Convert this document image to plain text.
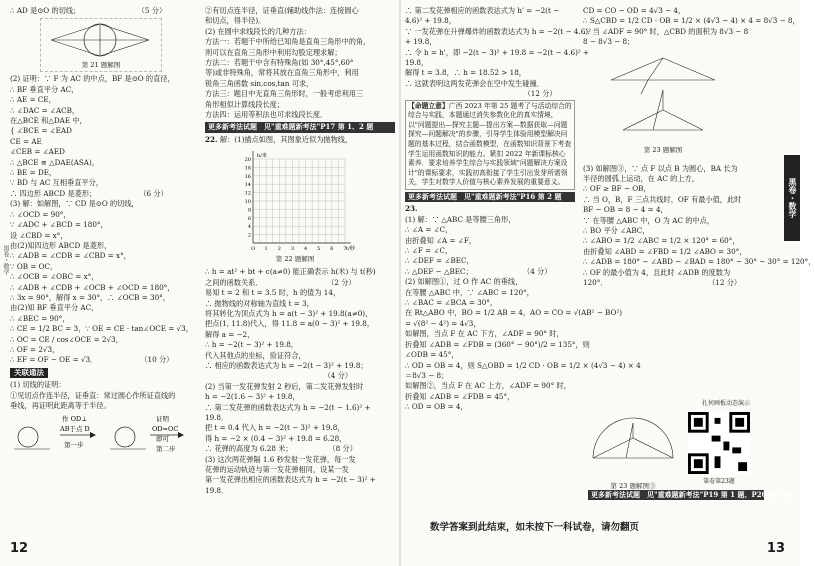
黑卷・数学

∴ AD 是⊙O 的切线；　　　　　　　　　（5 分）

第 21 题解图

(2) 证明：∵ F 为 AC 的中点，BF 是⊙O 的直径，

∴ BF 垂直平分 AC，

∴ AE = CE，

∴ ∠DAC = ∠ACB，

在△BCE 和△DAE 中，

{ ∠BCE = ∠EAD

CE = AE

∠CEB = ∠AED

∴ △BCE ≌ △DAE(ASA)，

∴ BE = DE，

∵ BD 与 AC 互相垂直平分，

∴ 四边形 ABCD 是菱形；　　　　　　　（6 分）

(3) 解：如解图，∵ CD 是⊙O 的切线，

∴ ∠OCD = 90°，

∵ ∠ADC + ∠BCD = 180°，

设 ∠CBD = x°，

由(2)知四边形 ABCD 是菱形，

∴ ∠ADB = ∠CDB = ∠CBD = x°，

∵ OB = OC，

∴ ∠OCB = ∠OBC = x°，

∴ ∠ADB + ∠CDB + ∠OCB + ∠OCD = 180°，

∴ 3x = 90°，解得 x = 30°，∴ ∠OCB = 30°，

由(2)知 BF 垂直平分 AC，

∴ ∠BEC = 90°，

∴ CE = 1/2 BC = 3，∵ OE = CE · tan∠OCE = √3，

∴ OC = CE / cos∠OCE = 2√3，

∴ OF = 2√3，

∴ EF = OF − OE = √3．　　　　　　　（10 分）

关联通法

(1) 切线的证明：

①见切点作连半径，证垂直：常过圆心作所证直线的

垂线，再证明此距离等于半径。

作 OD⊥
AB于点 D
第一步
证明
OD=OC
即可
第二步

②有切点连半径，证垂直(辅助线作法：连接圆心

和切点，得半径)。

(2) 在圆中求线段长的几种方法：

方法一：若题干中所给已知角是直角三角形中的角，

则可以在直角三角形中利用勾股定理求解；

方法二：若题干中含有特殊角(如 30°,45°,60°

等)或非特殊角，常将其放在直角三角形中，利用

锐角三角函数 sin,cos,tan 可求，

方法三：题目中无直角三角形时，一般考虑利用三

角形相似计算线段长度；

方法四：运用等积法也可求线段长度．

更多新考法试题　见"重难题新考法"P17 第 1、2 题

22. 解：(1)描点如图，其图象近似为抛物线，

20
18
16
14
12
10
8
6
4
2
O 1 2 3 4 5 6 7
h/米
t/秒
第 22 题解图

∴ h = at² + bt + c(a≠0) 能正确表示 h(米) 与 t(秒)

之间的函数关系．　　　　　　　　　　（2 分）

易知 t = 2 和 t = 3.5 时，h 的值为 14，

∴ 抛物线的对称轴为直线 t = 3，

将其转化为顶点式为 h = a(t − 3)² + 19.8(a≠0)，

把点(1, 11.8)代入，得 11.8 = a(0 − 3)² + 19.8，

解得 a = −2，

∴ h = −2(t − 3)² + 19.8，

代入其他点的坐标，验证符合，

∴ 相应的函数表达式为 h = −2(t − 3)² + 19.8；

　　　　　　　　　　　　　　　　　（4 分）

(2) 当第一发花弹发射 2 秒后，第二发花弹发射时

h = −2(1.6 − 3)² + 19.8，

∴ 第二发花弹的函数表达式为 h = −2(t − 1.6)² +

19.8．

把 t = 0.4 代入 h = −2(t − 3)² + 19.8，

得 h = −2 × (0.4 − 3)² + 19.8 = 6.28，

∴ 花弹的高度为 6.28 米；　　　　　　（8 分）

(3) 这次两花弹隔 1.6 秒发射一发花弹，每一发

花弹的运动轨迹与第一发花弹相同，设某一发

第一发花弹出相应的函数表达式为 h = −2(t − 3)² +

19.8．

∴ 第二发花弹相应的函数表达式为 h' = −2(t −

4.6)² + 19.8，

∵ 一发花弹在升弹爆炸的函数表达式为 h = −2(t − 4.6)²

+ 19.8，

∴ 令 h = h'，即 −2(t − 3)² + 19.8 = −2(t − 4.6)² +

19.8，

解得 t = 3.8，∴ h = 18.52 > 18，

∴ 这就表明这两发花弹会在空中发生碰撞．

　　　　　　　　　　　　　　　　　（12 分）

【命题立意】广西 2023 年第 25 题考了与活动综合的综合与实践，本题通过消失参数化化的真实情境，以"问题提出—探究主题—提出方案—数据获取—问题探究—问题解决"的步骤，引导学生体验用模型解决问题的基本过程，结合函数模型，在函数知识背景下考查学生运用函数知识的能力。紧扣 2022 年新课标核心素养．要求培养学生综合与实践领域"问题解决方案设计"的课标要求，实践初高衔接了学生引出发芽所需领关，学生对数学人价值与核心素养发展的重要意义。

更多新考法试题　见"重难题新考法"P16 第 2 题

23.

(1) 解：∵ △ABC 是等腰三角形，

∴ ∠A = ∠C，

由折叠知 ∠A = ∠F，

∴ ∠F = ∠C，

∴ ∠DEF = ∠BEC，

∴ △DEF ∽ △BEC；　　　　　　　　（4 分）

(2) 如解图①，过 O 作 AC 的垂线，

在等腰 △ABC 中，∵ ∠ABC = 120°，

∴ ∠BAC = ∠BCA = 30°，

在 Rt△ABO 中，BO = 1/2 AB = 4，AO = CO = √(AB² − BO²)

= √(8² − 4²) = 4√3，

如解图，当点 F 在 AC 下方，∠ADF = 90° 时，

折叠知 ∠ADB = ∠FDB = (360° − 90°)/2 = 135°，则

∠ODB = 45°，

∴ OD = OB = 4，则 S△OBD = 1/2 CD · OB = 1/2 × (4√3 − 4) × 4

＝8√3 − 8；

如解图②，当点 F 在 AC 上方，∠ADF = 90° 时，

折叠知 ∠ADB = ∠FDB = 45°，

∴ OD = OB = 4，

CD = CO − OD = 4√3 − 4，

∴ S△CBD = 1/2 CD · OB = 1/2 × (4√3 − 4) × 4 = 8√3 − 8，

∴ 当 ∠ADF = 90° 时，△CBD 的面积为 8√3 − 8

8 − 8√3 − 8；

第 23 题解图

(3) 如解图③，∵ 点 F 以点 B 为圆心，BA 长为

半径的圆弧上运动，在 AC 的上方，

∴ OF ≥ BF − OB，

∴ 当 O，B，F 三点共线时，OF 有最小值，此时

BF − OB = 8 − 4 = 4，

∵ 在等腰 △ABC 中，O 为 AC 的中点，

∴ BO 平分 ∠ABC，

∴ ∠ABO = 1/2 ∠ABC = 1/2 × 120° = 60°，

由折叠知 ∠ABD = ∠FBD = 1/2 ∠ABO = 30°，

∴ ∠ADB = 180° − ∠ABD − ∠BAD = 180° − 30° − 30° = 120°，

∴ OF 的最小值为 4，且此时 ∠ADB 的度数为

120°．　　　　　　　　　　　　　　　（12 分）

第 23 题解图③
扎何画板动态演示
第卷第23题
更多新考法试题　见"重难题新考法"P19 第 1 题、P20 第 2 题
数学答案到此结束，如未按下一科试卷，请勿翻页
黑卷・数学
12	13
